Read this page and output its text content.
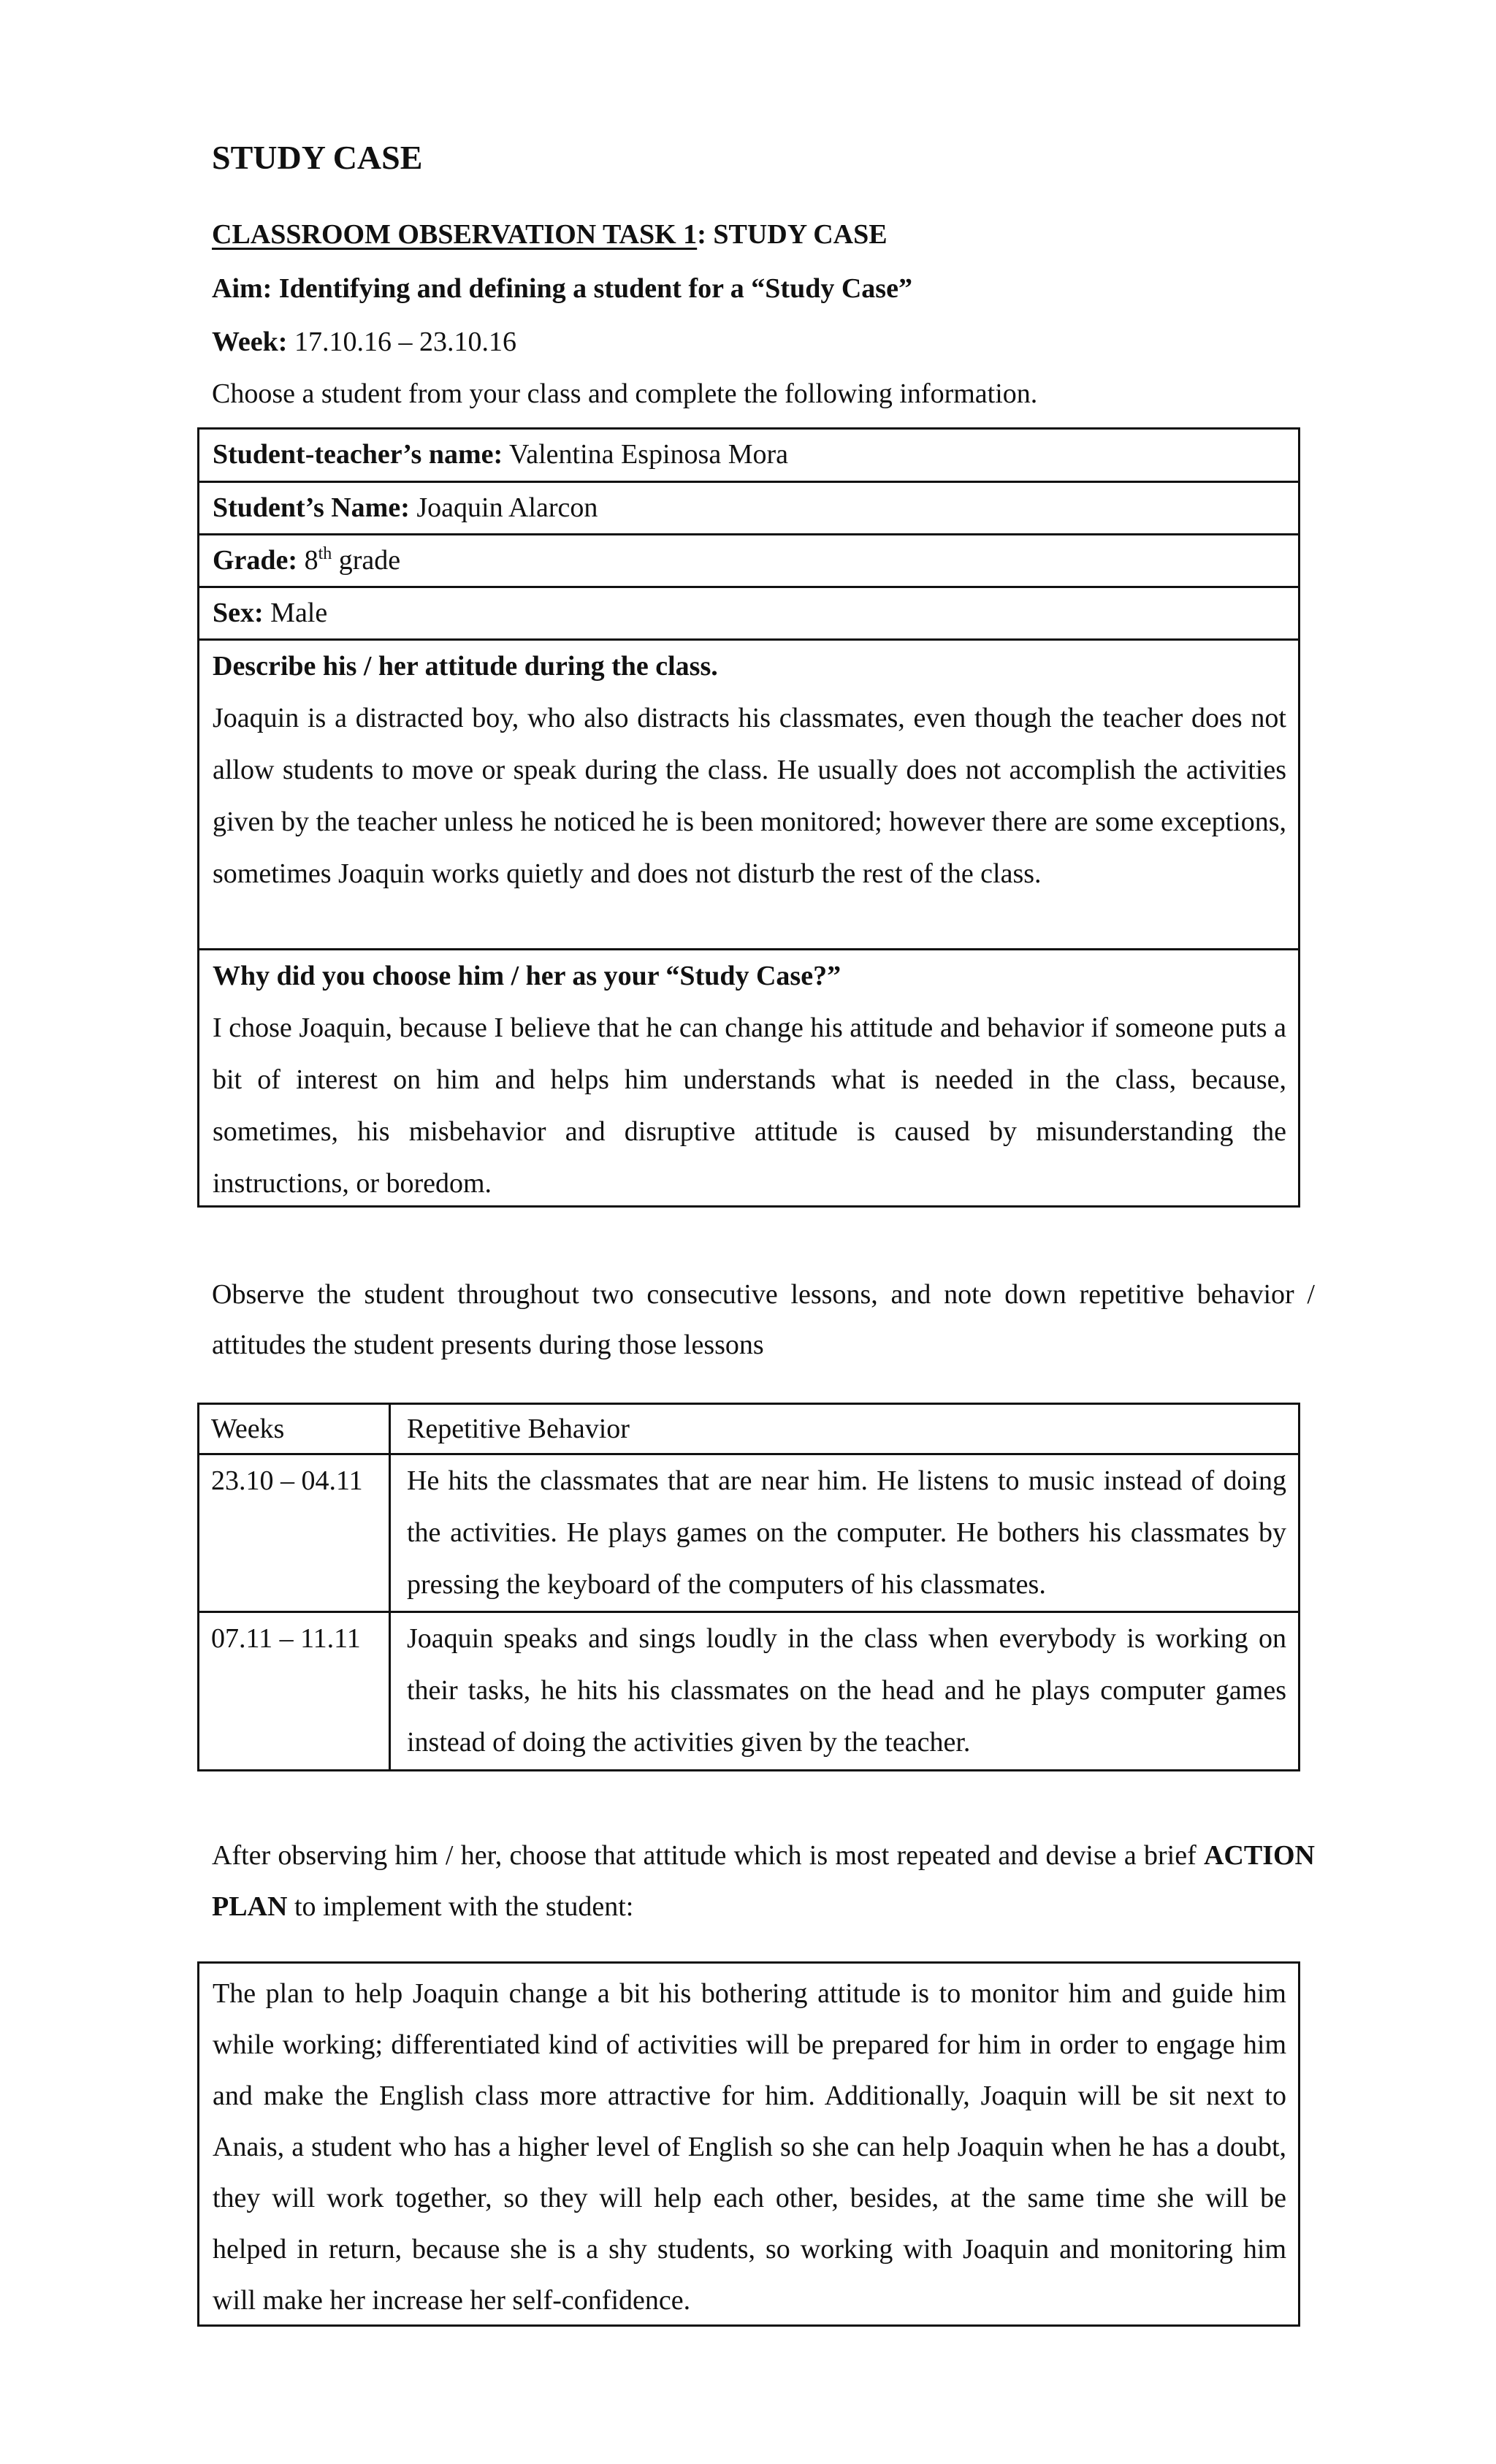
STUDY CASE
CLASSROOM OBSERVATION TASK 1: STUDY CASE
Aim: Identifying and defining a student for a “Study Case”
Week: 17.10.16 – 23.10.16
Choose a student from your class and complete the following information.
Student-teacher’s name: Valentina Espinosa Mora
Student’s Name: Joaquin Alarcon
Grade: 8th grade
Sex: Male
Describe his / her attitude during the class.
Joaquin is a distracted boy, who also distracts his classmates, even though the teacher does not allow students to move or speak during the class. He usually does not accomplish the activities given by the teacher unless he noticed he is been monitored; however there are some exceptions, sometimes Joaquin works quietly and does not disturb the rest of the class.
Why did you choose him / her as your “Study Case?”
I chose Joaquin, because I believe that he can change his attitude and behavior if someone puts a bit of interest on him and helps him understands what is needed in the class, because, sometimes, his misbehavior and disruptive attitude is caused by misunderstanding the instructions, or boredom.
Observe the student throughout two consecutive lessons, and note down repetitive behavior / attitudes the student presents during those lessons
Weeks	Repetitive Behavior
23.10 – 04.11	He hits the classmates that are near him. He listens to music instead of doing the activities. He plays games on the computer. He bothers his classmates by pressing the keyboard of the computers of his classmates.
07.11 – 11.11	Joaquin speaks and sings loudly in the class when everybody is working on their tasks, he hits his classmates on the head and he plays computer games instead of doing the activities given by the teacher.
After observing him / her, choose that attitude which is most repeated and devise a brief ACTION PLAN to implement with the student:
The plan to help Joaquin change a bit his bothering attitude is to monitor him and guide him while working; differentiated kind of activities will be prepared for him in order to engage him and make the English class more attractive for him. Additionally, Joaquin will be sit next to Anais, a student who has a higher level of English so she can help Joaquin when he has a doubt, they will work together, so they will help each other, besides, at the same time she will be helped in return, because she is a shy students, so working with Joaquin and monitoring him will make her increase her self-confidence.
